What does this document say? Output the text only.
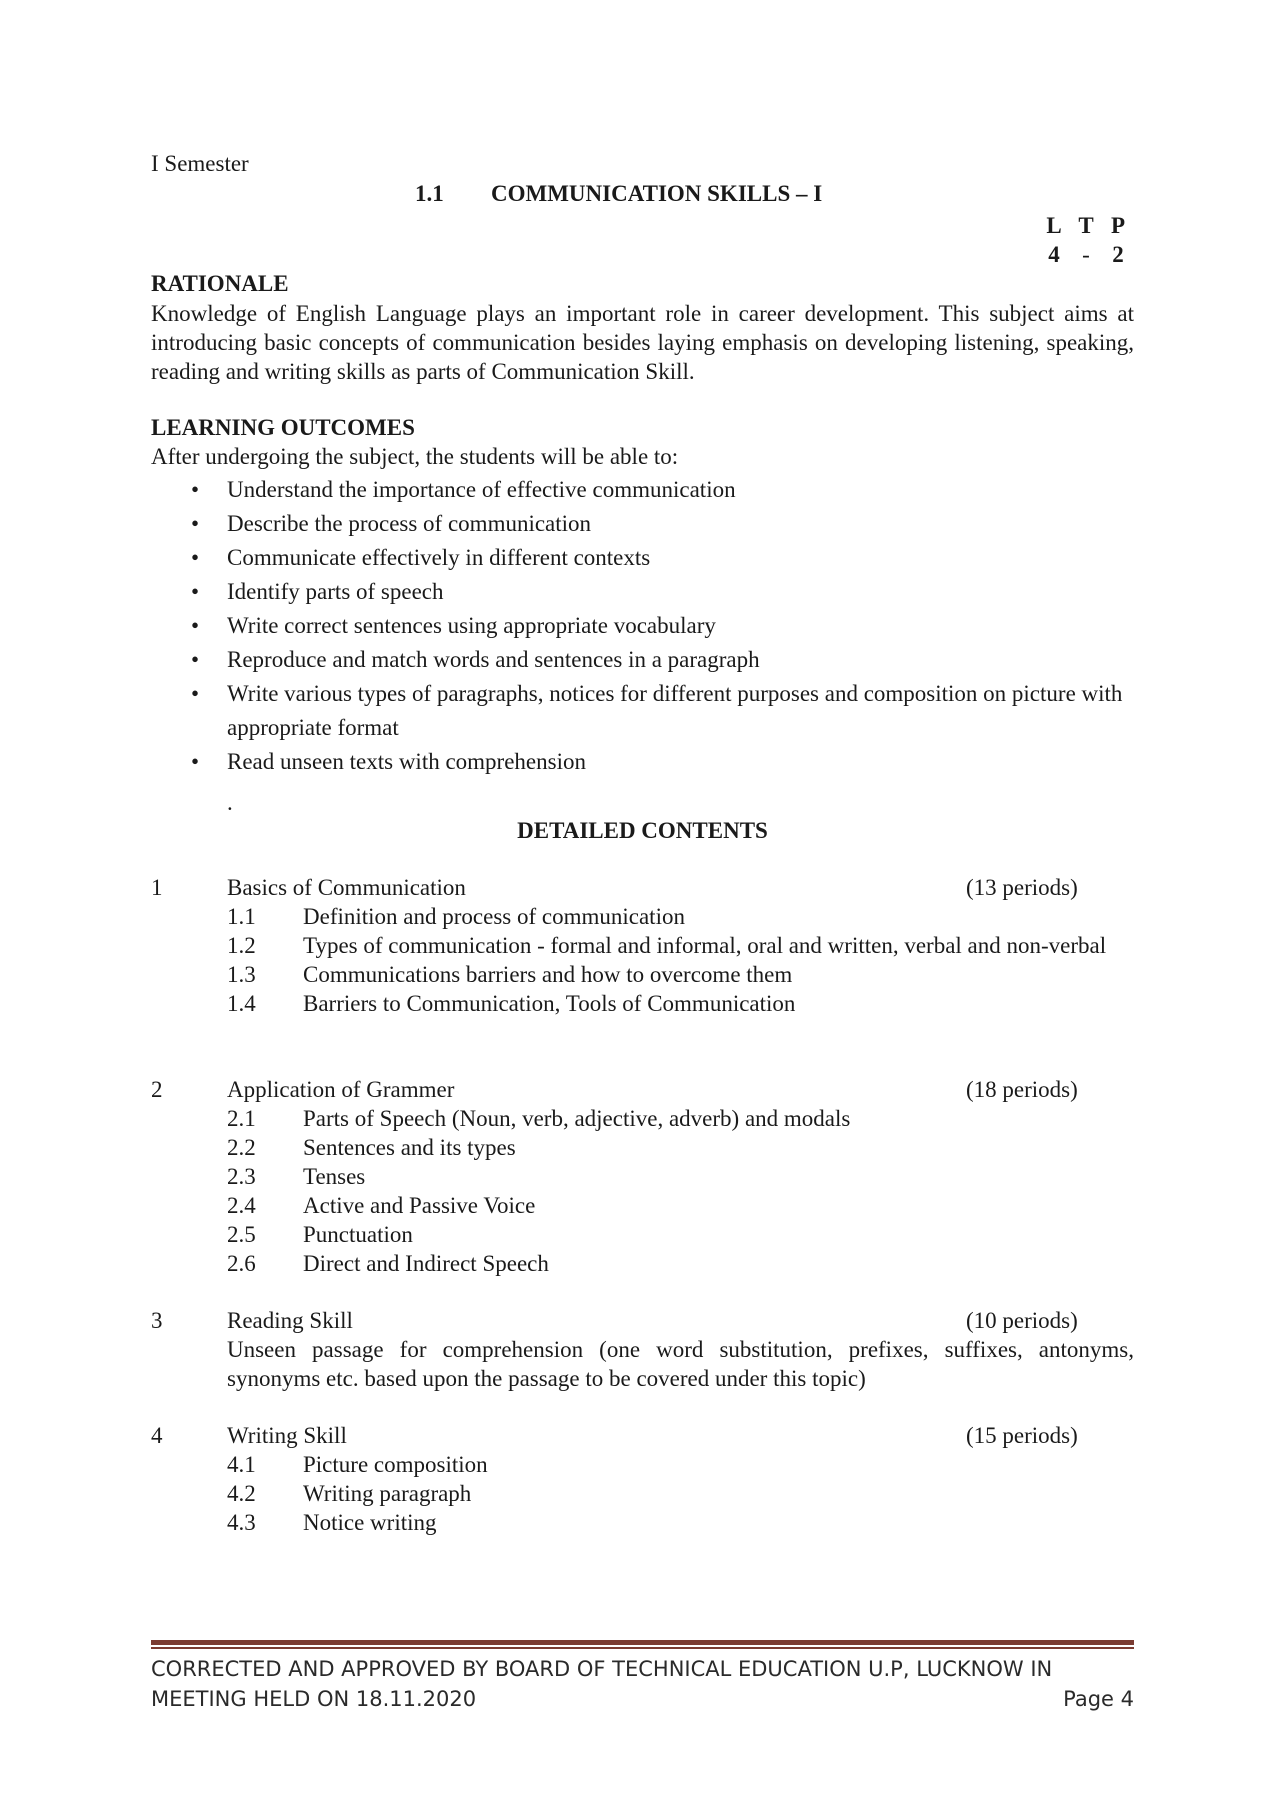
I Semester
1.1 COMMUNICATION SKILLS – I
L T P
4 - 2
RATIONALE
Knowledge of English Language plays an important role in career development. This subject aims at introducing basic concepts of communication besides laying emphasis on developing listening, speaking, reading and writing skills as parts of Communication Skill.
LEARNING OUTCOMES
After undergoing the subject, the students will be able to:
• Understand the importance of effective communication
• Describe the process of communication
• Communicate effectively in different contexts
• Identify parts of speech
• Write correct sentences using appropriate vocabulary
• Reproduce and match words and sentences in a paragraph
• Write various types of paragraphs, notices for different purposes and composition on picture with appropriate format
• Read unseen texts with comprehension
.
DETAILED CONTENTS
1	Basics of Communication	(13 periods)
1.1 Definition and process of communication
1.2 Types of communication - formal and informal, oral and written, verbal and non-verbal
1.3 Communications barriers and how to overcome them
1.4 Barriers to Communication, Tools of Communication
2	Application of Grammer	(18 periods)
2.1 Parts of Speech (Noun, verb, adjective, adverb) and modals
2.2 Sentences and its types
2.3 Tenses
2.4 Active and Passive Voice
2.5 Punctuation
2.6 Direct and Indirect Speech
3	Reading Skill	(10 periods)
Unseen passage for comprehension (one word substitution, prefixes, suffixes, antonyms, synonyms etc. based upon the passage to be covered under this topic)
4	Writing Skill	(15 periods)
4.1 Picture composition
4.2 Writing paragraph
4.3 Notice writing
CORRECTED AND APPROVED BY BOARD OF TECHNICAL EDUCATION U.P, LUCKNOW IN
MEETING HELD ON 18.11.2020	Page 4
